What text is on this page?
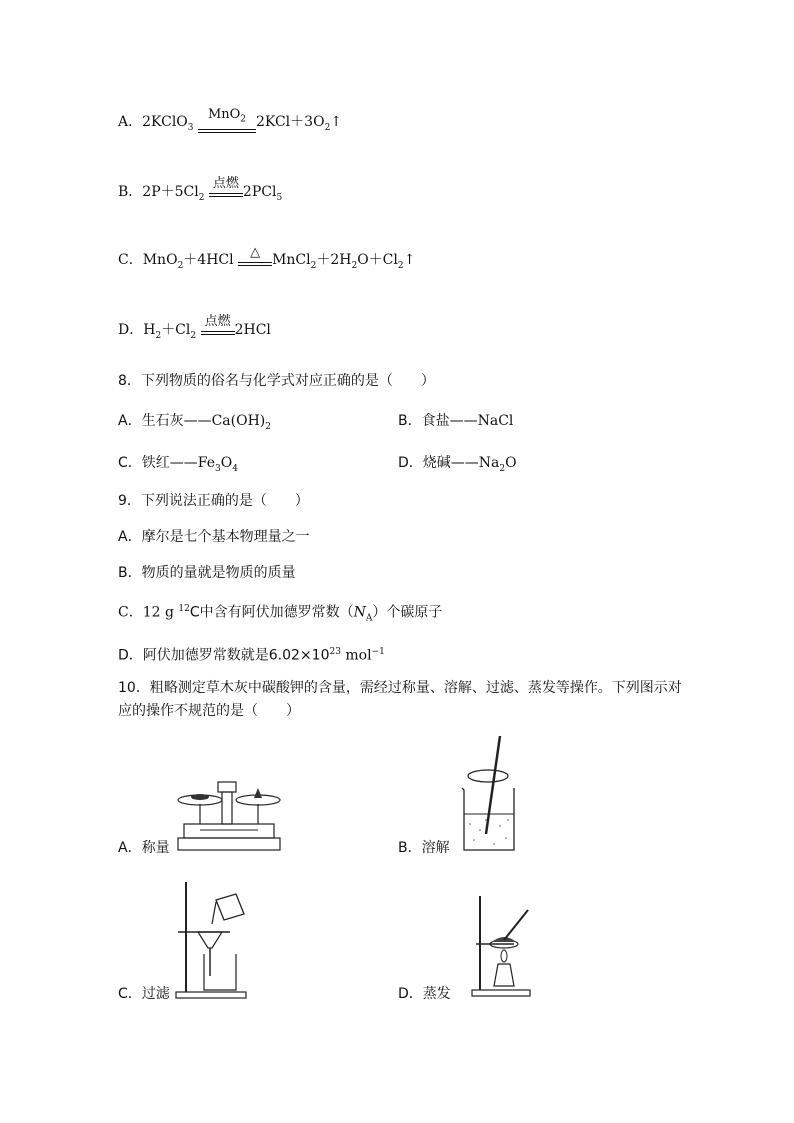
A．2KClO$_3$
MnO$_2$ $2KCl+3O_2↑$
B．$2P+5Cl_2$
点燃
2PCl$_5$
C．MnO$_2$＋4HCl	△ $MnCl_2+2H_2O+Cl_2↑$
D．$H_2+Cl_2$
点燃
2HCl
8．下列物质的俗名与化学式对应正确的是（　　）
A．生石灰$——Ca(OH)_2$	B．食盐——NaCl
C．铁红$——Fe_3O_4$	D．烧碱$——Na_2O$
9．下列说法正确的是（　　）
A．摩尔是七个基本物理量之一
B．物质的量就是物质的质量
C．12 g $^{12}$C中含有阿伏加德罗常数$(N_A)$个碳原子
D．阿伏加德罗常数就是$6.02\times 10^{23}$ mol$^{-1}$
10．粗略测定草木灰中碳酸钾的含量，需经过称量、溶解、过滤、蒸发等操作。下列图示对
应的操作不规范的是（　　）
A．称量	B．溶解
C．过滤	D．蒸发
